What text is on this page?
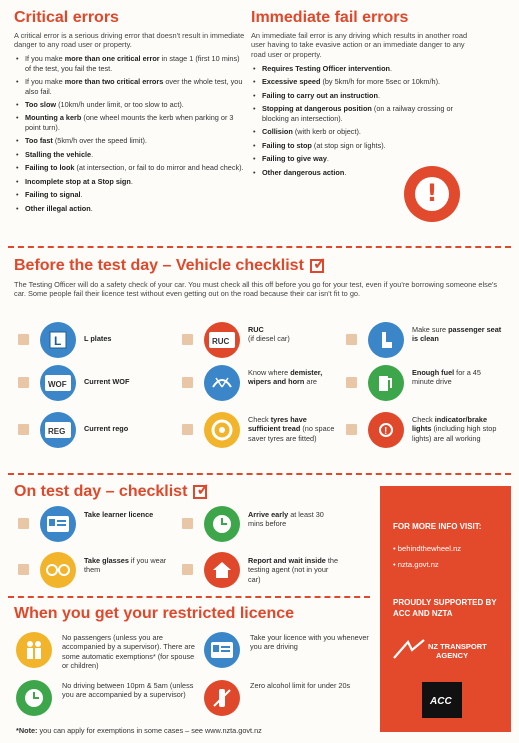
Critical errors

A critical error is a serious driving error that doesn't result in immediate danger to any road user or property.

• If you make more than one critical error in stage 1 (first 10 mins) of the test, you fail the test.
• If you make more than two critical errors over the whole test, you also fail.
• Too slow (10km/h under limit, or too slow to act).
• Mounting a kerb (one wheel mounts the kerb when parking or 3 point turn).
• Too fast (5km/h over the speed limit).
• Stalling the vehicle.
• Failing to look (at intersection, or fail to do mirror and head check).
• Incomplete stop at a Stop sign.
• Failing to signal.
• Other illegal action.
Immediate fail errors

An immediate fail error is any driving which results in another road user having to take evasive action or an immediate danger to any road user or property.

• Requires Testing Officer intervention.
• Excessive speed (by 5km/h for more 5sec or 10km/h).
• Failing to carry out an instruction.
• Stopping at dangerous position (on a railway crossing or blocking an intersection).
• Collision (with kerb or object).
• Failing to stop (at stop sign or lights).
• Failing to give way.
• Other dangerous action.
!
Before the test day – Vehicle checklist✓

The Testing Officer will do a safety check of your car. You must check all this off before you go for your test, even if you're borrowing someone else's car. Some people fail their licence test without even getting out on the road because their car isn't fit to go.

L	L plates	RUC
RUC
(if diesel car)
Make sure passenger seat is clean
WOF Current WOF
Know where demister, wipers and horn are
Enough fuel for a 45 minute drive
REG	Current rego
Check tyres have sufficient tread (no space saver tyres are fitted)
!
Check indicator/brake lights (including high stop lights) are all working
On test day – checklist✓
Take learner licence	Arrive early at least 30 mins before
Take glasses if you wear them
Report and wait inside the testing agent (not in your car)
When you get your restricted licence
No passengers (unless you are accompanied by a supervisor). There are some automatic exemptions* (for spouse or children)
Take your licence with you whenever you are driving
No driving between 10pm & 5am (unless you are accompanied by a supervisor)
Zero alcohol limit for under 20s

*Note: you can apply for exemptions in some cases – see www.nzta.govt.nz

FOR MORE INFO VISIT:
• behindthewheel.nz
• nzta.govt.nz
PROUDLY SUPPORTED BY ACC AND NZTA
NZ TRANSPORT
AGENCY
ACC
